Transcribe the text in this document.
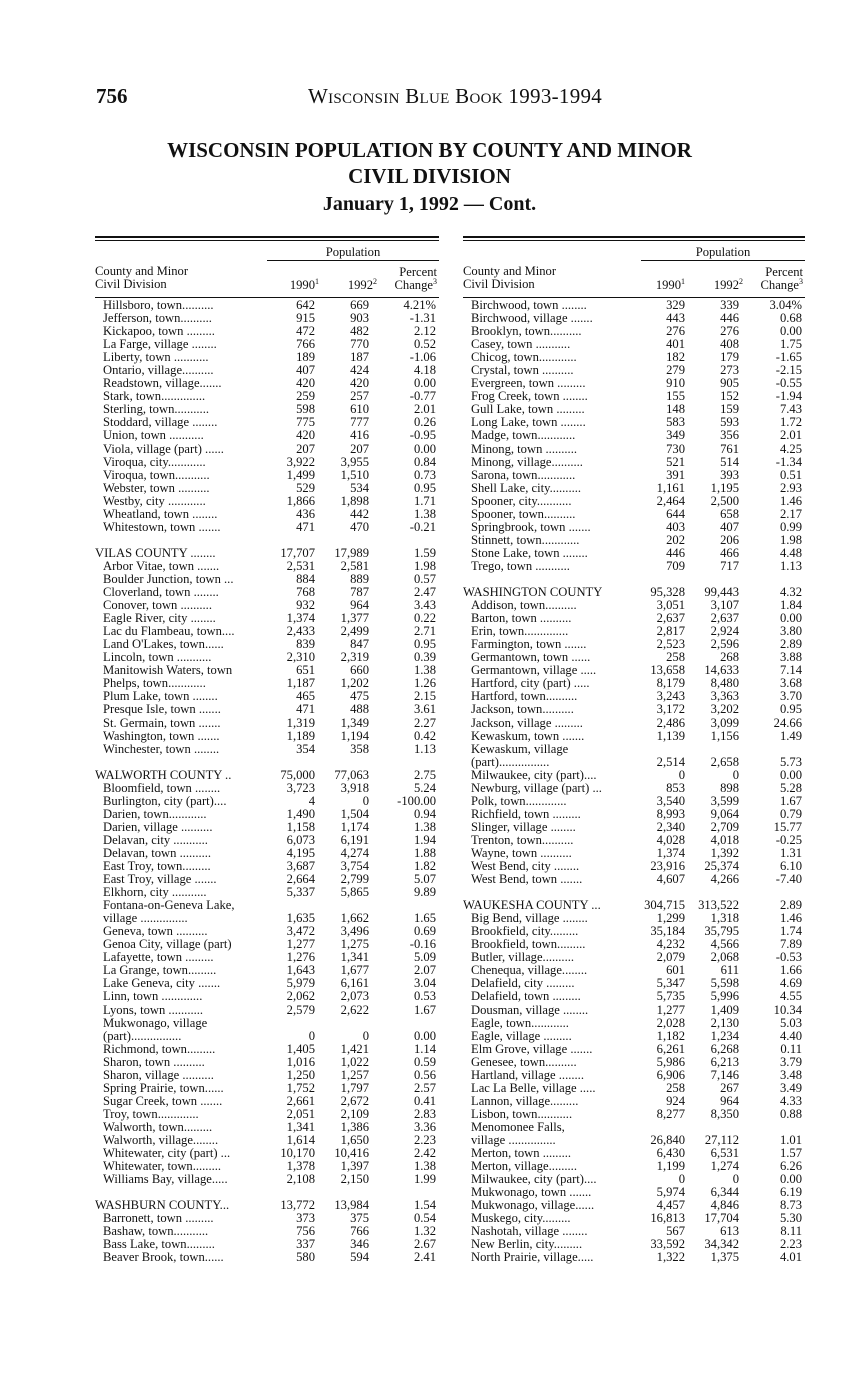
756	Wisconsin Blue Book 1993-1994
WISCONSIN POPULATION BY COUNTY AND MINOR
CIVIL DIVISION
January 1, 1992 — Cont.
Population
County and Minor
Civil Division	1990$^1$ 1992$^2$
Percent
Change$^3$
Hillsboro, town..........	642	669	4.21%
Jefferson, town..........	915	903	-1.31
Kickapoo, town .........	472	482	2.12
La Farge, village ........	766	770	0.52
Liberty, town ...........	189	187	-1.06
Ontario, village..........	407	424	4.18
Readstown, village.......	420	420	0.00
Stark, town..............	259	257	-0.77
Sterling, town...........	598	610	2.01
Stoddard, village ........	775	777	0.26
Union, town ...........	420	416	-0.95
Viola, village (part) ......	207	207	0.00
Viroqua, city............	3,922 3,955	0.84
Viroqua, town...........	1,499 1,510	0.73
Webster, town ..........	529	534	0.95
Westby, city ............	1,866 1,898	1.71
Wheatland, town ........	436	442	1.38
Whitestown, town .......	471	470	-0.21
VILAS COUNTY ........	17,707 17,989	1.59
Arbor Vitae, town .......	2,531 2,581	1.98
Boulder Junction, town ...	884	889	0.57
Cloverland, town ........	768	787	2.47
Conover, town ..........	932	964	3.43
Eagle River, city ........	1,374 1,377	0.22
Lac du Flambeau, town....	2,433 2,499	2.71
Land O'Lakes, town......	839	847	0.95
Lincoln, town ...........	2,310 2,319	0.39
Manitowish Waters, town	651	660	1.38
Phelps, town............	1,187 1,202	1.26
Plum Lake, town ........	465	475	2.15
Presque Isle, town .......	471	488	3.61
St. Germain, town .......	1,319 1,349	2.27
Washington, town .......	1,189 1,194	0.42
Winchester, town ........	354	358	1.13
WALWORTH COUNTY ..	75,000 77,063	2.75
Bloomfield, town ........	3,723 3,918	5.24
Burlington, city (part)....	4	0 -100.00
Darien, town............	1,490 1,504	0.94
Darien, village ..........	1,158 1,174	1.38
Delavan, city ...........	6,073 6,191	1.94
Delavan, town ..........	4,195 4,274	1.88
East Troy, town.........	3,687 3,754	1.82
East Troy, village .......	2,664 2,799	5.07
Elkhorn, city ...........	5,337 5,865	9.89
Fontana-on-Geneva Lake,
village ...............	1,635 1,662	1.65
Geneva, town ..........	3,472 3,496	0.69
Genoa City, village (part)	1,277 1,275	-0.16
Lafayette, town .........	1,276 1,341	5.09
La Grange, town.........	1,643 1,677	2.07
Lake Geneva, city .......	5,979 6,161	3.04
Linn, town .............	2,062 2,073	0.53
Lyons, town ...........	2,579 2,622	1.67
Mukwonago, village
(part)................	0	0	0.00
Richmond, town.........	1,405 1,421	1.14
Sharon, town ..........	1,016 1,022	0.59
Sharon, village ..........	1,250 1,257	0.56
Spring Prairie, town......	1,752 1,797	2.57
Sugar Creek, town .......	2,661 2,672	0.41
Troy, town.............	2,051 2,109	2.83
Walworth, town.........	1,341 1,386	3.36
Walworth, village........	1,614 1,650	2.23
Whitewater, city (part) ...	10,170 10,416	2.42
Whitewater, town.........	1,378 1,397	1.38
Williams Bay, village.....	2,108 2,150	1.99
WASHBURN COUNTY...	13,772 13,984	1.54
Barronett, town .........	373	375	0.54
Bashaw, town...........	756	766	1.32
Bass Lake, town.........	337	346	2.67
Beaver Brook, town......	580	594	2.41
Population
County and Minor
Civil Division	1990$^1$ 1992$^2$
Percent
Change$^3$
Birchwood, town ........	329	339 3.04%
Birchwood, village .......	443	446	0.68
Brooklyn, town..........	276	276	0.00
Casey, town ...........	401	408	1.75
Chicog, town............	182	179	-1.65
Crystal, town ..........	279	273	-2.15
Evergreen, town .........	910	905	-0.55
Frog Creek, town ........	155	152	-1.94
Gull Lake, town .........	148	159	7.43
Long Lake, town ........	583	593	1.72
Madge, town............	349	356	2.01
Minong, town ..........	730	761	4.25
Minong, village..........	521	514	-1.34
Sarona, town............	391	393	0.51
Shell Lake, city..........	1,161 1,195	2.93
Spooner, city...........	2,464 2,500	1.46
Spooner, town..........	644	658	2.17
Springbrook, town .......	403	407	0.99
Stinnett, town............	202	206	1.98
Stone Lake, town ........	446	466	4.48
Trego, town ...........	709	717	1.13
WASHINGTON COUNTY	95,328 99,443	4.32
Addison, town..........	3,051 3,107	1.84
Barton, town ..........	2,637 2,637	0.00
Erin, town..............	2,817 2,924	3.80
Farmington, town .......	2,523 2,596	2.89
Germantown, town ......	258	268	3.88
Germantown, village .....	13,658 14,633	7.14
Hartford, city (part) .....	8,179 8,480	3.68
Hartford, town..........	3,243 3,363	3.70
Jackson, town..........	3,172 3,202	0.95
Jackson, village .........	2,486 3,099	24.66
Kewaskum, town .......	1,139 1,156	1.49
Kewaskum, village
(part)................	2,514 2,658	5.73
Milwaukee, city (part)....	0	0	0.00
Newburg, village (part) ...	853	898	5.28
Polk, town.............	3,540 3,599	1.67
Richfield, town .........	8,993 9,064	0.79
Slinger, village ........	2,340 2,709	15.77
Trenton, town..........	4,028 4,018	-0.25
Wayne, town ..........	1,374 1,392	1.31
West Bend, city ........	23,916 25,374	6.10
West Bend, town .......	4,607 4,266	-7.40
WAUKESHA COUNTY ...	304,715 313,522	2.89
Big Bend, village ........	1,299 1,318	1.46
Brookfield, city.........	35,184 35,795	1.74
Brookfield, town.........	4,232 4,566	7.89
Butler, village..........	2,079 2,068	-0.53
Chenequa, village........	601	611	1.66
Delafield, city .........	5,347 5,598	4.69
Delafield, town .........	5,735 5,996	4.55
Dousman, village ........	1,277 1,409	10.34
Eagle, town............	2,028 2,130	5.03
Eagle, village .........	1,182 1,234	4.40
Elm Grove, village .......	6,261 6,268	0.11
Genesee, town..........	5,986 6,213	3.79
Hartland, village ........	6,906 7,146	3.48
Lac La Belle, village .....	258	267	3.49
Lannon, village.........	924	964	4.33
Lisbon, town...........	8,277 8,350	0.88
Menomonee Falls,
village ...............	26,840 27,112	1.01
Merton, town .........	6,430 6,531	1.57
Merton, village.........	1,199 1,274	6.26
Milwaukee, city (part)....	0	0	0.00
Mukwonago, town .......	5,974 6,344	6.19
Mukwonago, village......	4,457 4,846	8.73
Muskego, city.........	16,813 17,704	5.30
Nashotah, village ........	567	613	8.11
New Berlin, city.........	33,592 34,342	2.23
North Prairie, village.....	1,322 1,375	4.01
